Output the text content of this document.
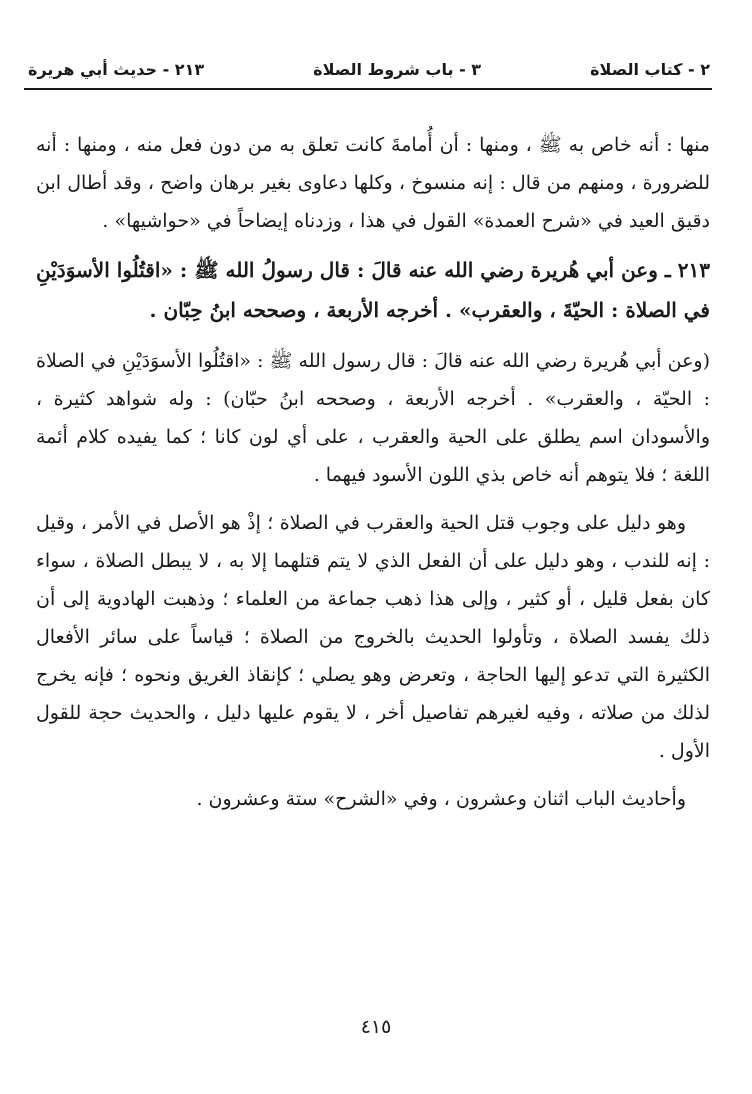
٢ - كتاب الصلاة
٣ - باب شروط الصلاة
٢١٣ - حديث أبي هريرة

منها : أنه خاص به ﷺ ، ومنها : أن أُمامةَ كانت تعلق به من دون فعل منه ، ومنها : أنه للضرورة ، ومنهم من قال : إنه منسوخ ، وكلها دعاوى بغير برهان واضح ، وقد أطال ابن دقيق العيد في «شرح العمدة» القول في هذا ، وزدناه إيضاحاً في «حواشيها» .

٢١٣ ـ وعن أبي هُريرة رضي الله عنه قالَ : قال رسولُ الله ﷺ : «اقتُلُوا الأسوَدَيْنِ في الصلاة : الحيّةَ ، والعقرب» . أخرجه الأربعة ، وصححه ابنُ حِبّان .

(وعن أبي هُريرة رضي الله عنه قالَ : قال رسول الله ﷺ : «اقتُلُوا الأسوَدَيْنِ في الصلاة : الحيّة ، والعقرب» . أخرجه الأربعة ، وصححه ابنُ حبّان) : وله شواهد كثيرة ، والأسودان اسم يطلق على الحية والعقرب ، على أي لون كانا ؛ كما يفيده كلام أئمة اللغة ؛ فلا يتوهم أنه خاص بذي اللون الأسود فيهما .

وهو دليل على وجوب قتل الحية والعقرب في الصلاة ؛ إذْ هو الأصل في الأمر ، وقيل : إنه للندب ، وهو دليل على أن الفعل الذي لا يتم قتلهما إلا به ، لا يبطل الصلاة ، سواء كان بفعل قليل ، أو كثير ، وإلى هذا ذهب جماعة من العلماء ؛ وذهبت الهادوية إلى أن ذلك يفسد الصلاة ، وتأولوا الحديث بالخروج من الصلاة ؛ قياساً على سائر الأفعال الكثيرة التي تدعو إليها الحاجة ، وتعرض وهو يصلي ؛ كإنقاذ الغريق ونحوه ؛ فإنه يخرج لذلك من صلاته ، وفيه لغيرهم تفاصيل أخر ، لا يقوم عليها دليل ، والحديث حجة للقول الأول .

وأحاديث الباب اثنان وعشرون ، وفي «الشرح» ستة وعشرون .

٤١٥
